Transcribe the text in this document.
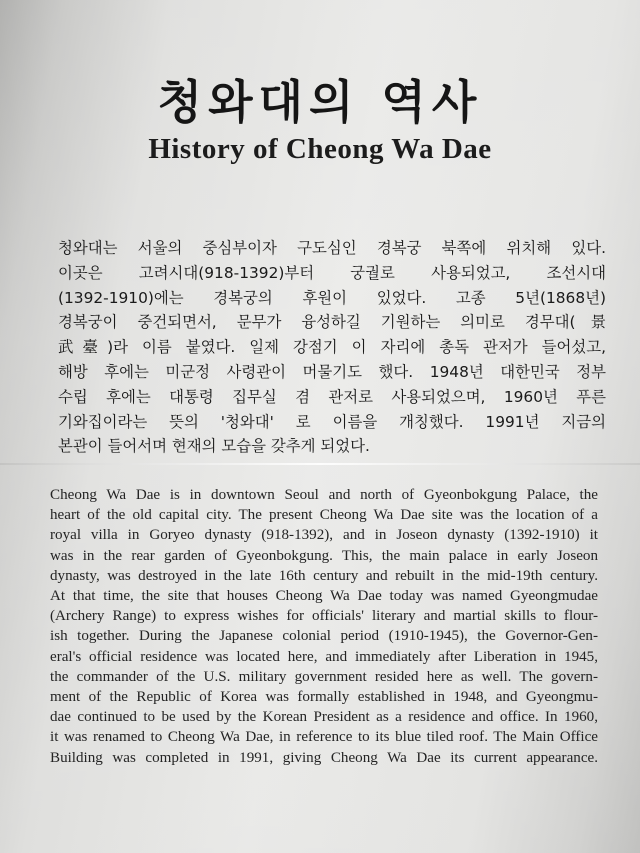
청와대의 역사
History of Cheong Wa Dae
청와대는 서울의 중심부이자 구도심인 경복궁 북쪽에 위치해 있다.
이곳은 고려시대(918-1392)부터 궁궐로 사용되었고, 조선시대
(1392-1910)에는 경복궁의 후원이 있었다. 고종 5년(1868년)
경복궁이 중건되면서, 문무가 융성하길 기원하는 의미로 경무대(景
武臺)라 이름 붙였다. 일제 강점기 이 자리에 총독 관저가 들어섰고,
해방 후에는 미군정 사령관이 머물기도 했다. 1948년 대한민국 정부
수립 후에는 대통령 집무실 겸 관저로 사용되었으며, 1960년 푸른
기와집이라는 뜻의 '청와대' 로 이름을 개칭했다. 1991년 지금의
본관이 들어서며 현재의 모습을 갖추게 되었다.
Cheong Wa Dae is in downtown Seoul and north of Gyeonbokgung Palace, the
heart of the old capital city. The present Cheong Wa Dae site was the location of a
royal villa in Goryeo dynasty (918-1392), and in Joseon dynasty (1392-1910) it
was in the rear garden of Gyeonbokgung. This, the main palace in early Joseon
dynasty, was destroyed in the late 16th century and rebuilt in the mid-19th century.
At that time, the site that houses Cheong Wa Dae today was named Gyeongmudae
(Archery Range) to express wishes for officials' literary and martial skills to flour-
ish together. During the Japanese colonial period (1910-1945), the Governor-Gen-
eral's official residence was located here, and immediately after Liberation in 1945,
the commander of the U.S. military government resided here as well. The govern-
ment of the Republic of Korea was formally established in 1948, and Gyeongmu-
dae continued to be used by the Korean President as a residence and office. In 1960,
it was renamed to Cheong Wa Dae, in reference to its blue tiled roof. The Main Office
Building was completed in 1991, giving Cheong Wa Dae its current appearance.
